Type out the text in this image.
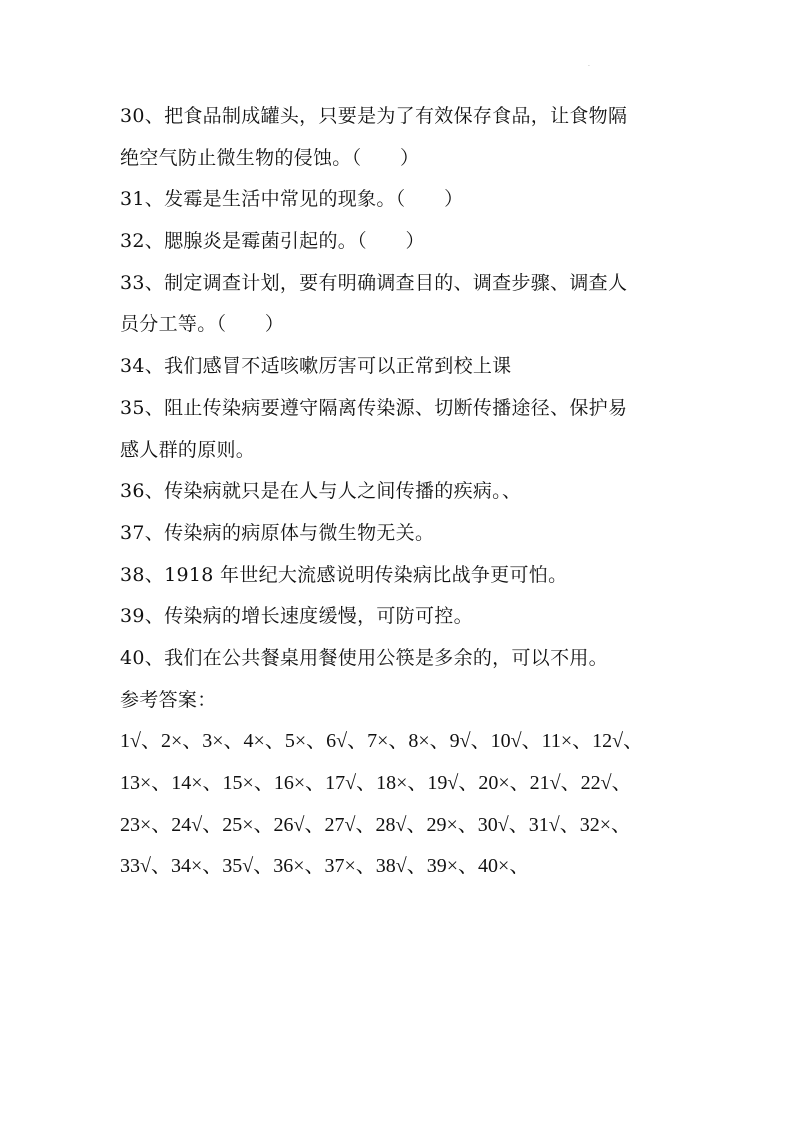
·
30、把食品制成罐头，只要是为了有效保存食品，让食物隔
绝空气防止微生物的侵蚀。（　　）
31、发霉是生活中常见的现象。（　　）
32、腮腺炎是霉菌引起的。（　　）
33、制定调查计划，要有明确调查目的、调查步骤、调查人
员分工等。（　　）
34、我们感冒不适咳嗽厉害可以正常到校上课
35、阻止传染病要遵守隔离传染源、切断传播途径、保护易
感人群的原则。
36、传染病就只是在人与人之间传播的疾病。、
37、传染病的病原体与微生物无关。
38、1918 年世纪大流感说明传染病比战争更可怕。
39、传染病的增长速度缓慢，可防可控。
40、我们在公共餐桌用餐使用公筷是多余的，可以不用。
参考答案：
1√、2×、3×、4×、5×、6√、7×、8×、9√、10√、11×、12√、
13×、14×、15×、16×、17√、18×、19√、20×、21√、22√、
23×、24√、25×、26√、27√、28√、29×、30√、31√、32×、
33√、34×、35√、36×、37×、38√、39×、40×、
